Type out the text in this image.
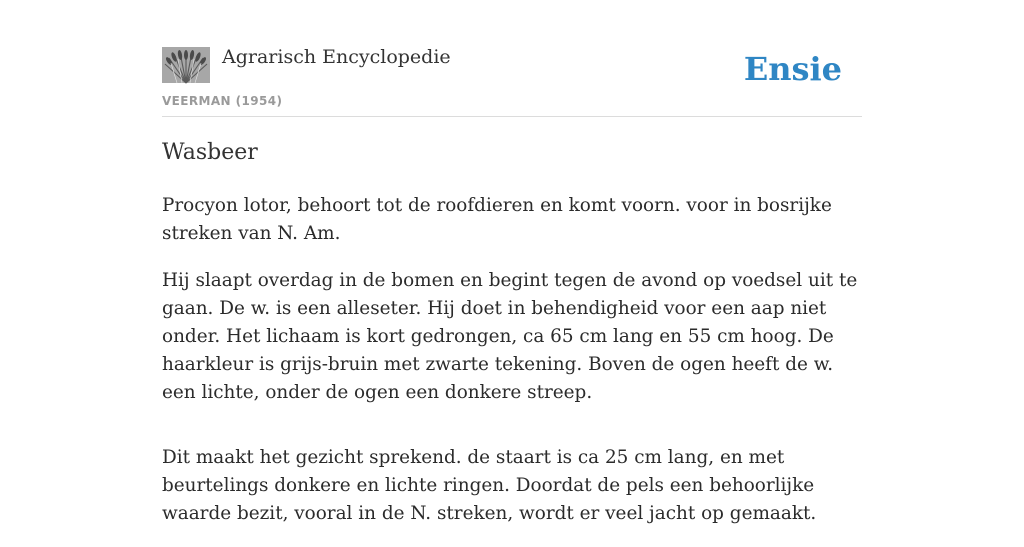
Agrarisch Encyclopedie
VEERMAN (1954)
Ensie
Wasbeer

Procyon lotor, behoort tot de roofdieren en komt voorn. voor in bosrijke streken van N. Am.

Hij slaapt overdag in de bomen en begint tegen de avond op voedsel uit te gaan. De w. is een alleseter. Hij doet in behendigheid voor een aap niet onder. Het lichaam is kort gedrongen, ca 65 cm lang en 55 cm hoog. De haarkleur is grijs-bruin met zwarte tekening. Boven de ogen heeft de w. een lichte, onder de ogen een donkere streep.

Dit maakt het gezicht sprekend. de staart is ca 25 cm lang, en met beurtelings donkere en lichte ringen. Doordat de pels een behoorlijke waarde bezit, vooral in de N. streken, wordt er veel jacht op gemaakt.
